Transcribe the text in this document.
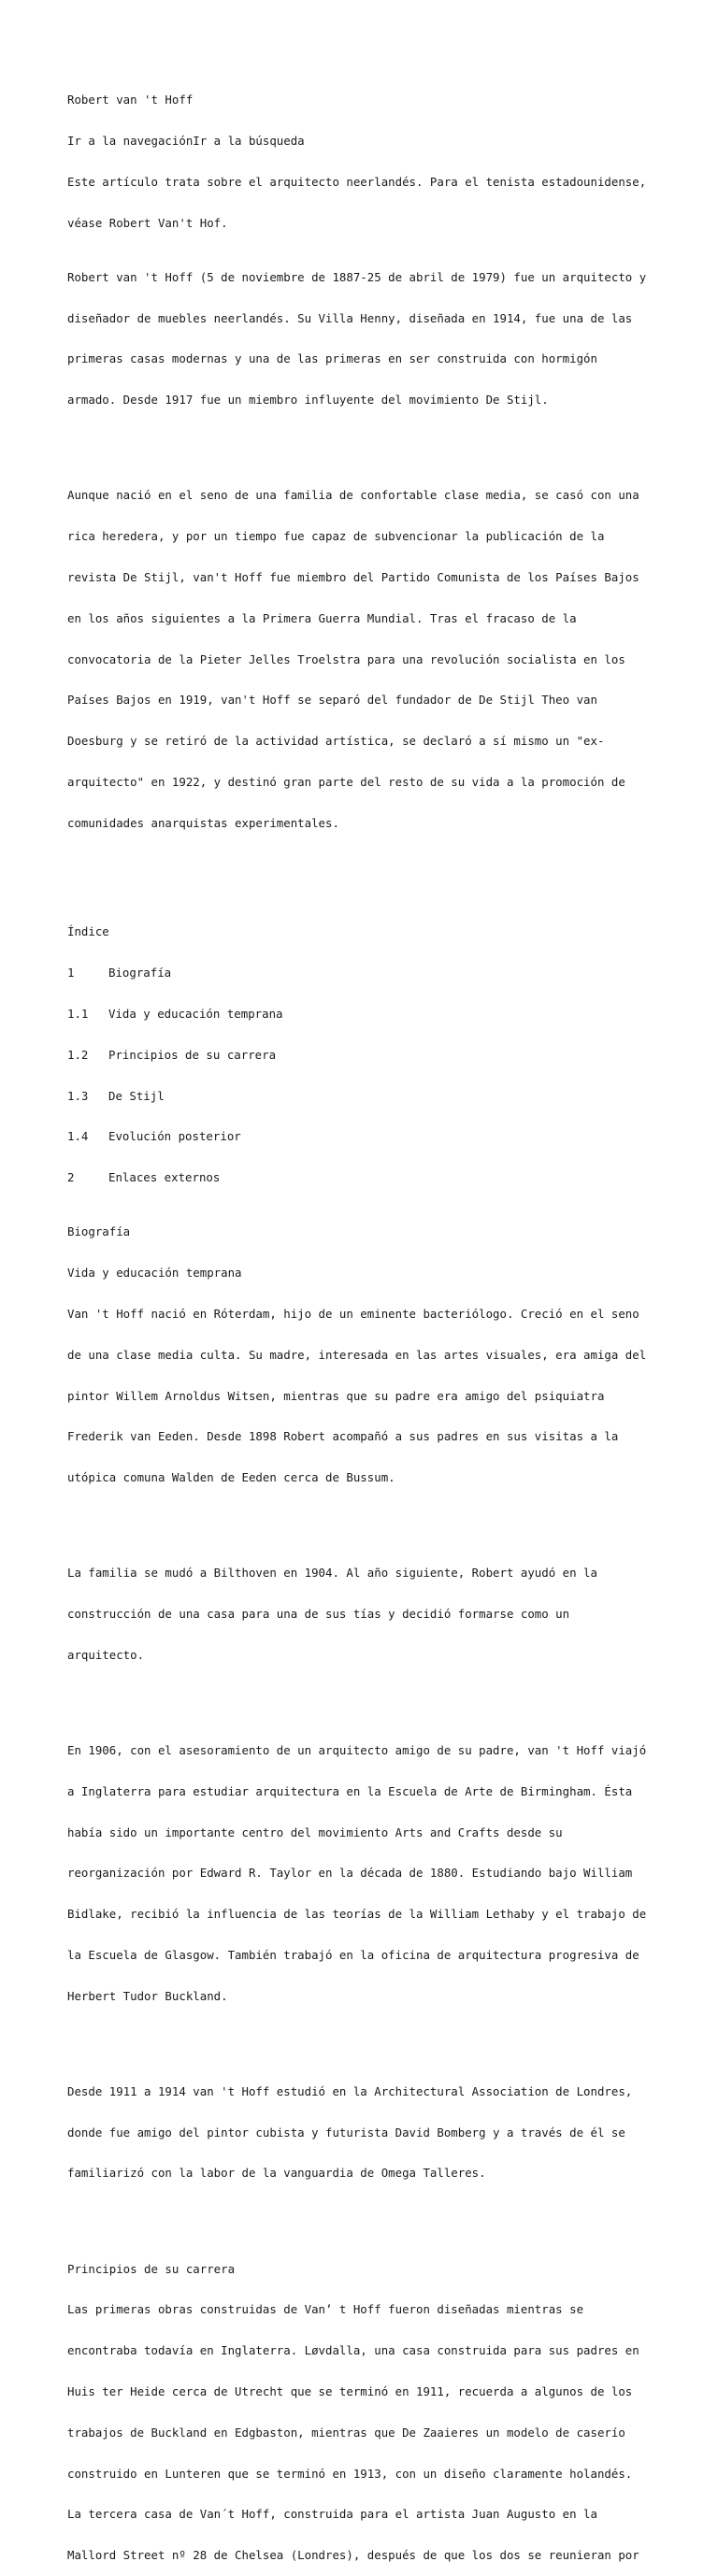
Robert van 't Hoff

Ir a la navegaciónIr a la búsqueda

Este artículo trata sobre el arquitecto neerlandés. Para el tenista estadounidense,

véase Robert Van't Hof.

Robert van 't Hoff (5 de noviembre de 1887-25 de abril de 1979) fue un arquitecto y

diseñador de muebles neerlandés. Su Villa Henny, diseñada en 1914, fue una de las

primeras casas modernas y una de las primeras en ser construida con hormigón

armado. Desde 1917 fue un miembro influyente del movimiento De Stijl.

Aunque nació en el seno de una familia de confortable clase media, se casó con una

rica heredera, y por un tiempo fue capaz de subvencionar la publicación de la

revista De Stijl, van't Hoff fue miembro del Partido Comunista de los Países Bajos

en los años siguientes a la Primera Guerra Mundial. Tras el fracaso de la

convocatoria de la Pieter Jelles Troelstra para una revolución socialista en los

Países Bajos en 1919, van't Hoff se separó del fundador de De Stijl Theo van

Doesburg y se retiró de la actividad artística, se declaró a sí mismo un "ex-

arquitecto" en 1922, y destinó gran parte del resto de su vida a la promoción de

comunidades anarquistas experimentales.

Índice

1	Biografía

1.1 Vida y educación temprana

1.2 Principios de su carrera

1.3 De Stijl

1.4 Evolución posterior

2	Enlaces externos

Biografía

Vida y educación temprana

Van 't Hoff nació en Róterdam, hijo de un eminente bacteriólogo. Creció en el seno

de una clase media culta. Su madre, interesada en las artes visuales, era amiga del

pintor Willem Arnoldus Witsen, mientras que su padre era amigo del psiquiatra

Frederik van Eeden. Desde 1898 Robert acompañó a sus padres en sus visitas a la

utópica comuna Walden de Eeden cerca de Bussum.

La familia se mudó a Bilthoven en 1904. Al año siguiente, Robert ayudó en la

construcción de una casa para una de sus tías y decidió formarse como un

arquitecto.

En 1906, con el asesoramiento de un arquitecto amigo de su padre, van 't Hoff viajó

a Inglaterra para estudiar arquitectura en la Escuela de Arte de Birmingham. Ésta

había sido un importante centro del movimiento Arts and Crafts desde su

reorganización por Edward R. Taylor en la década de 1880. Estudiando bajo William

Bidlake, recibió la influencia de las teorías de la William Lethaby y el trabajo de

la Escuela de Glasgow. También trabajó en la oficina de arquitectura progresiva de

Herbert Tudor Buckland.

Desde 1911 a 1914 van 't Hoff estudió en la Architectural Association de Londres,

donde fue amigo del pintor cubista y futurista David Bomberg y a través de él se

familiarizó con la labor de la vanguardia de Omega Talleres.

Principios de su carrera

Las primeras obras construidas de Van’ t Hoff fueron diseñadas mientras se

encontraba todavía en Inglaterra. Løvdalla, una casa construida para sus padres en

Huis ter Heide cerca de Utrecht que se terminó en 1911, recuerda a algunos de los

trabajos de Buckland en Edgbaston, mientras que De Zaaieres un modelo de caserío

construido en Lunteren que se terminó en 1913, con un diseño claramente holandés.

La tercera casa de Van´t Hoff, construida para el artista Juan Augusto en la

Mallord Street nº 28 de Chelsea (Londres), después de que los dos se reunieran por
